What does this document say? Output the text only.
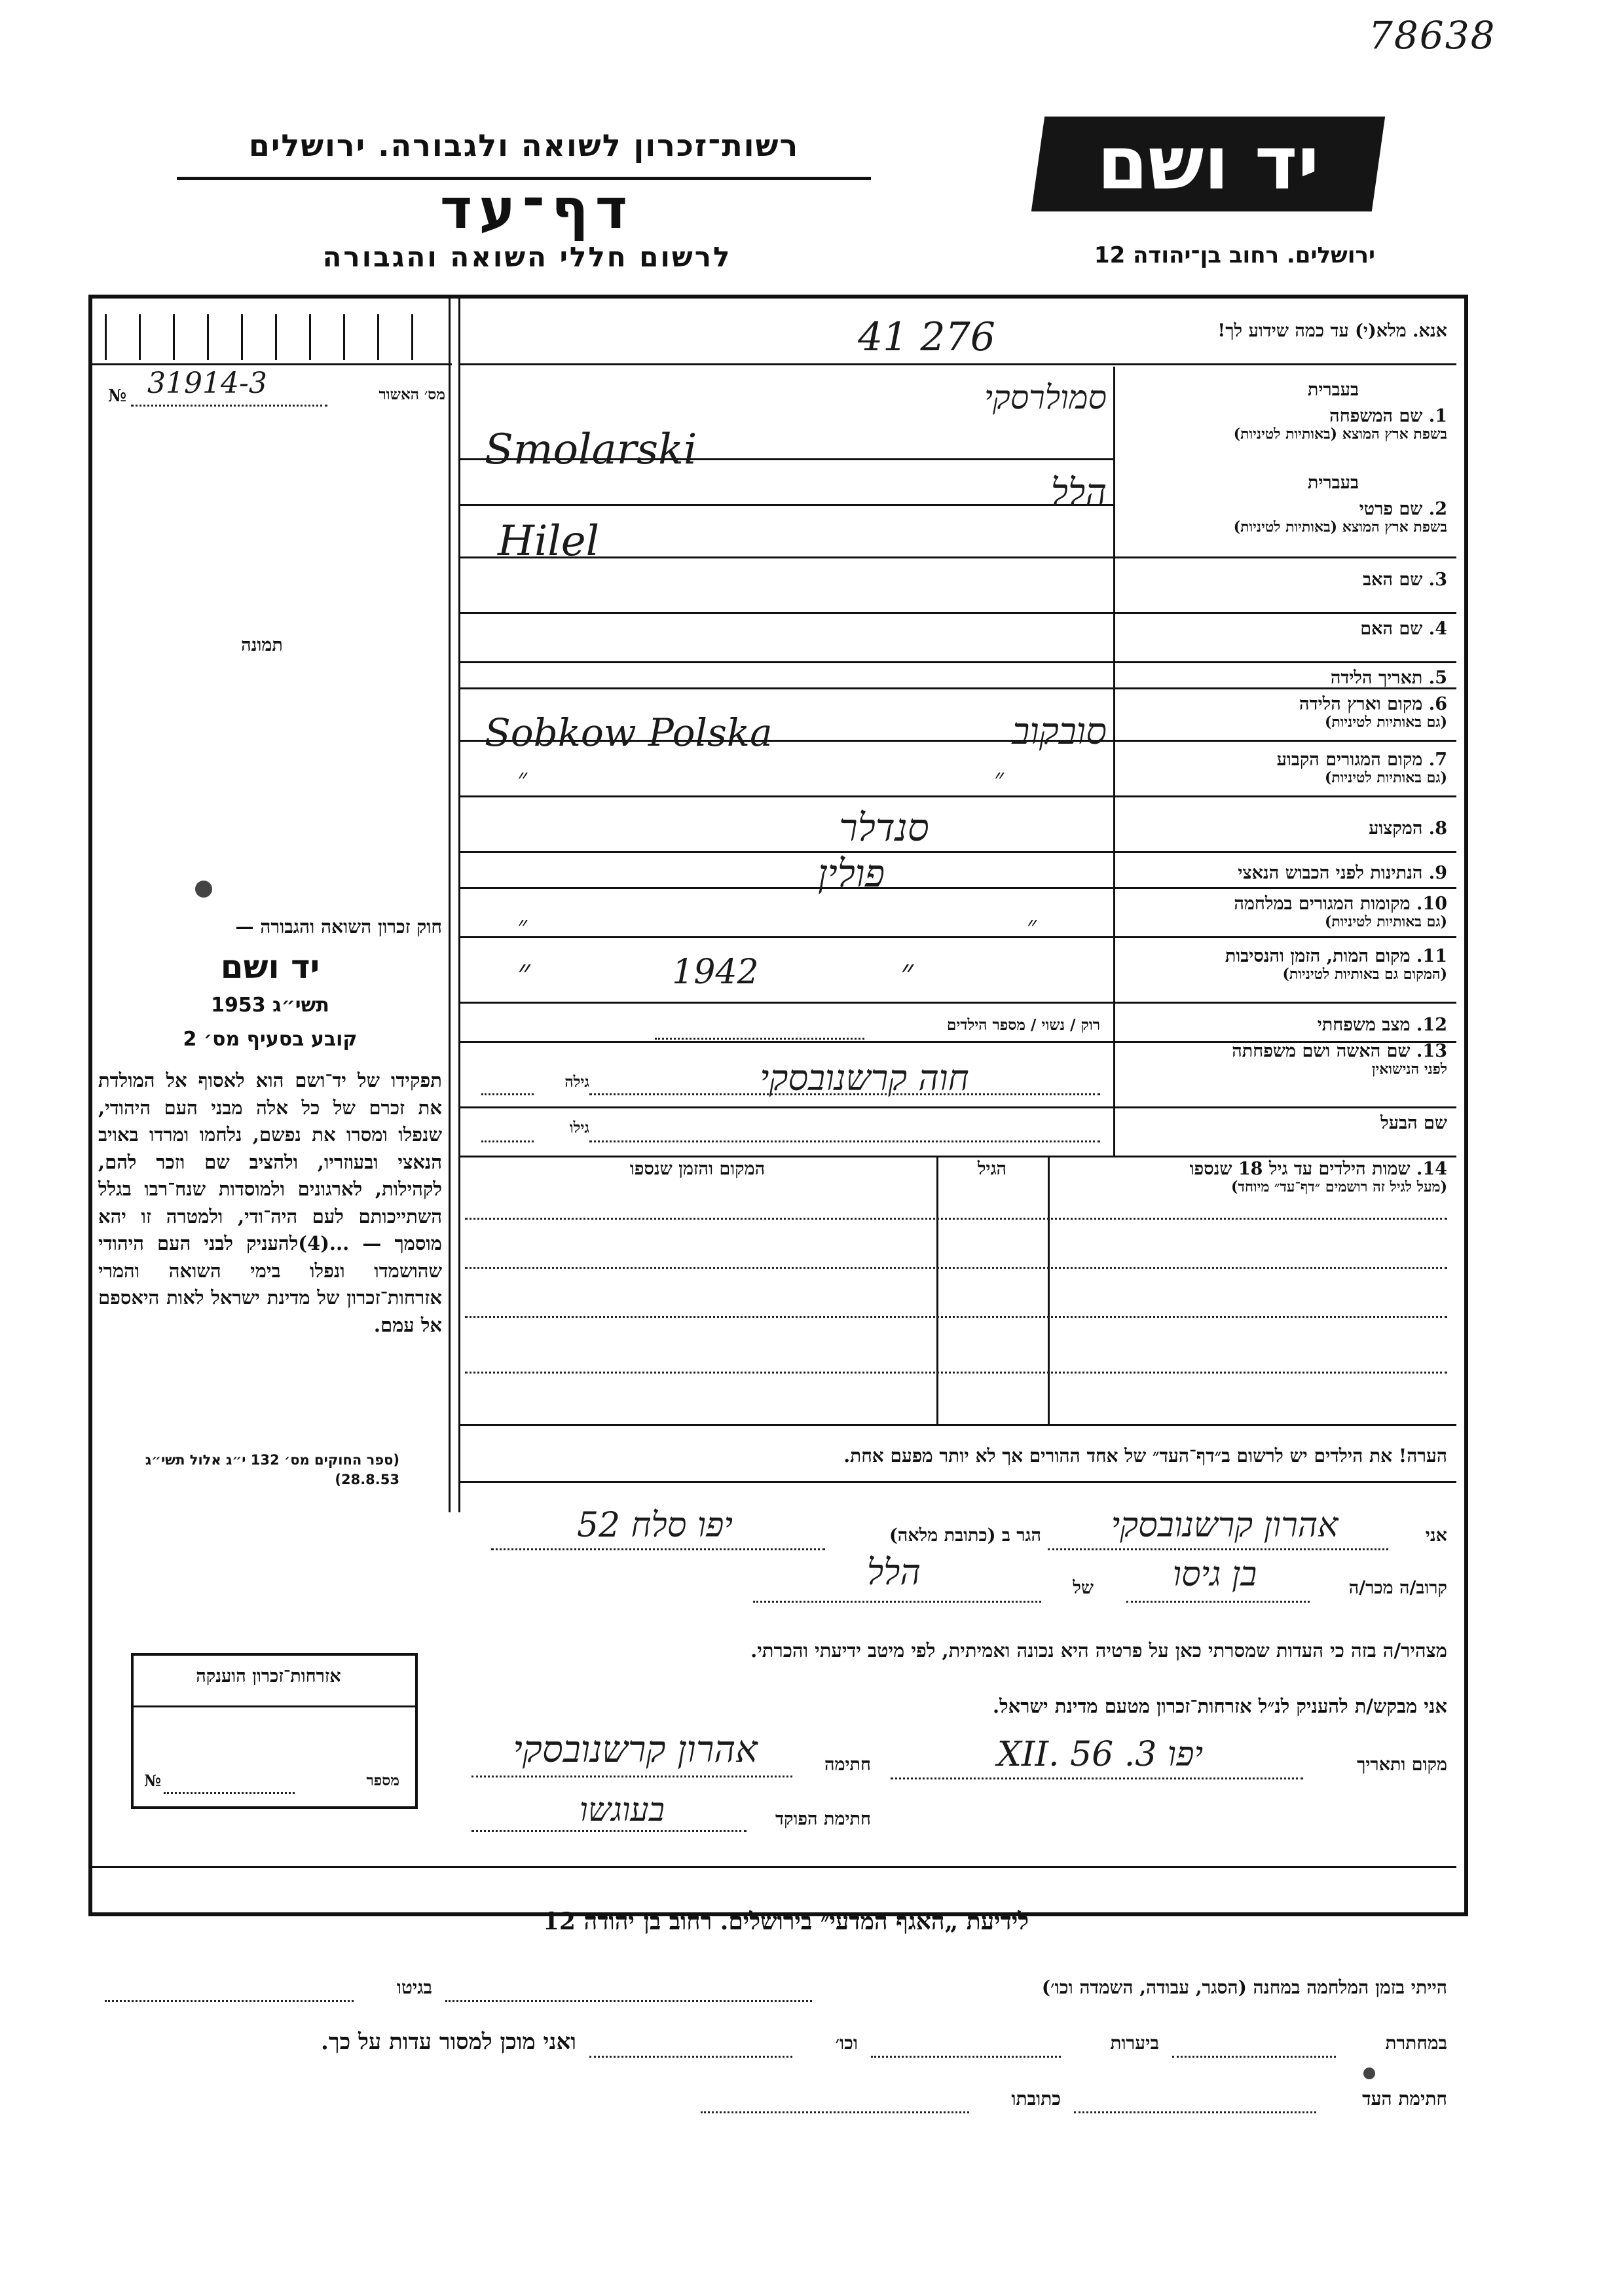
78638
יד ושם
ירושלים. רחוב בן־יהודה 12
רשות־זכרון לשואה ולגבורה. ירושלים
דף־עד
לרשום חללי השואה והגבורה
מס׳ האשור
31914-3
№
תמונה
חוק זכרון השואה והגבורה —
יד ושם
תשי״ג 1953
קובע בסעיף מס׳ 2
תפקידו של יד־ושם הוא לאסוף אל המולדת את זכרם של כל אלה מבני העם היהודי, שנפלו ומסרו את נפשם, נלחמו ומרדו באויב הנאצי ובעוזריו, ולהציב שם וזכר להם, לקהילות, לארגונים ולמוסדות שנח־רבו בגלל השתייכותם לעם היה־ודי, ולמטרה זו יהא מוסמך — ...(4)להעניק לבני העם היהודי שהושמדו ונפלו בימי השואה והמרי אזרחות־זכרון של מדינת ישראל לאות היאספם אל עמם.
(ספר החוקים מס׳ 132 י״ג אלול תשי״ג 28.8.53)
אנא. מלא(י) עד כמה שידוע לך!
41 276
בעברית
1. שם המשפחה
בשפת ארץ המוצא (באותיות לטיניות)
בעברית
2. שם פרטי
בשפת ארץ המוצא (באותיות לטיניות)
3. שם האב
4. שם האם
5. תאריך הלידה
6. מקום וארץ הלידה
(גם באותיות לטיניות)
7. מקום המגורים הקבוע
(גם באותיות לטיניות)
8. המקצוע
9. הנתינות לפני הכבוש הנאצי
10. מקומות המגורים במלחמה
(גם באותיות לטיניות)
11. מקום המות, הזמן והנסיבות
(המקום גם באותיות לטיניות)
12. מצב משפחתי
13. שם האשה ושם משפחתה
לפני הנישואין
שם הבעל
סמולרסקי
Smolarski
הלל
Hilel
סובקוב
Sobkow Polska
״ ״
סנדלר
פולין
״ ״
״ 1942 ״
רוק / נשוי / מספר הילדים
חוה קרשנובסקי
גילה
גילו
14. שמות הילדים עד גיל 18 שנספו
(מעל לגיל זה רושמים ״דף־עד״ מיוחד)
הגיל
המקום והזמן שנספו
הערה! את הילדים יש לרשום ב״דף־העד״ של אחד ההורים אך לא יותר מפעם אחת.
אני
אהרון קרשנובסקי
הגר ב (כתובת מלאה)
יפו סלח 52
קרוב/ה מכר/ה
בן גיסו
של
הלל
מצהיר/ה בזה כי העדות שמסרתי כאן על פרטיה היא נכונה ואמיתית, לפי מיטב ידיעתי והכרתי.
אני מבקש/ת להעניק לנ״ל אזרחות־זכרון מטעם מדינת ישראל.
מקום ותאריך
יפו 3. XII. 56
חתימה
אהרון קרשנובסקי
חתימת הפוקד
בעוגשו
אזרחות־זכרון הוענקה
מספר
№
לידיעת „האגף המדעי״ בירושלים. רחוב בן־יהודה 12
הייתי בזמן המלחמה במחנה (הסגר, עבודה, השמדה וכו׳)
בגיטו
במחתרת
ביערות
וכו׳
ואני מוכן למסור עדות על כך.
חתימת העד
כתובתו
